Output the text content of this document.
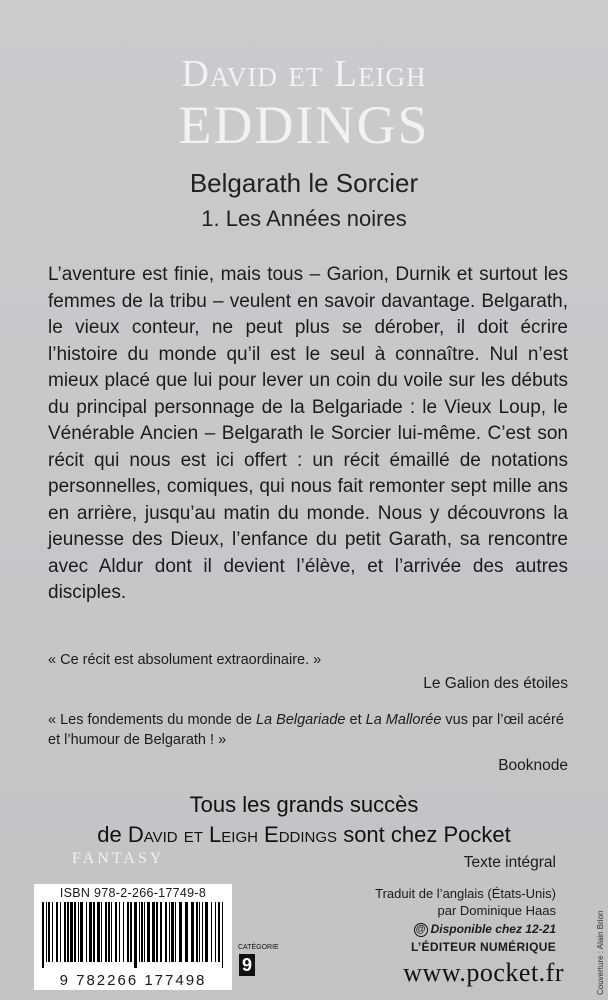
David et Leigh
EDDINGS
Belgarath le Sorcier
1. Les Années noires
L’aventure est finie, mais tous – Garion, Durnik et surtout les femmes de la tribu – veulent en savoir davantage. Belgarath, le vieux conteur, ne peut plus se dérober, il doit écrire l’histoire du monde qu’il est le seul à connaître. Nul n’est mieux placé que lui pour lever un coin du voile sur les débuts du principal personnage de la Belgariade : le Vieux Loup, le Vénérable Ancien – Belgarath le Sorcier lui-même. C’est son récit qui nous est ici offert : un récit émaillé de notations personnelles, comiques, qui nous fait remonter sept mille ans en arrière, jusqu’au matin du monde. Nous y découvrons la jeunesse des Dieux, l’enfance du petit Garath, sa rencontre avec Aldur dont il devient l’élève, et l’arrivée des autres disciples.
« Ce récit est absolument extraordinaire. »
Le Galion des étoiles
« Les fondements du monde de La Belgariade et La Mallorée vus par l’œil acéré et l’humour de Belgarath ! »
Booknode
Tous les grands succès
de David et Leigh Eddings sont chez Pocket
FANTASY	Texte intégral
ISBN 978-2-266-17749-8
9 782266 177498
CATÉGORIE
9
Traduit de l’anglais (États-Unis)
par Dominique Haas
@ Disponible chez 12-21
L’ÉDITEUR NUMÉRIQUE
www.pocket.fr	Couverture : Alain Brion
